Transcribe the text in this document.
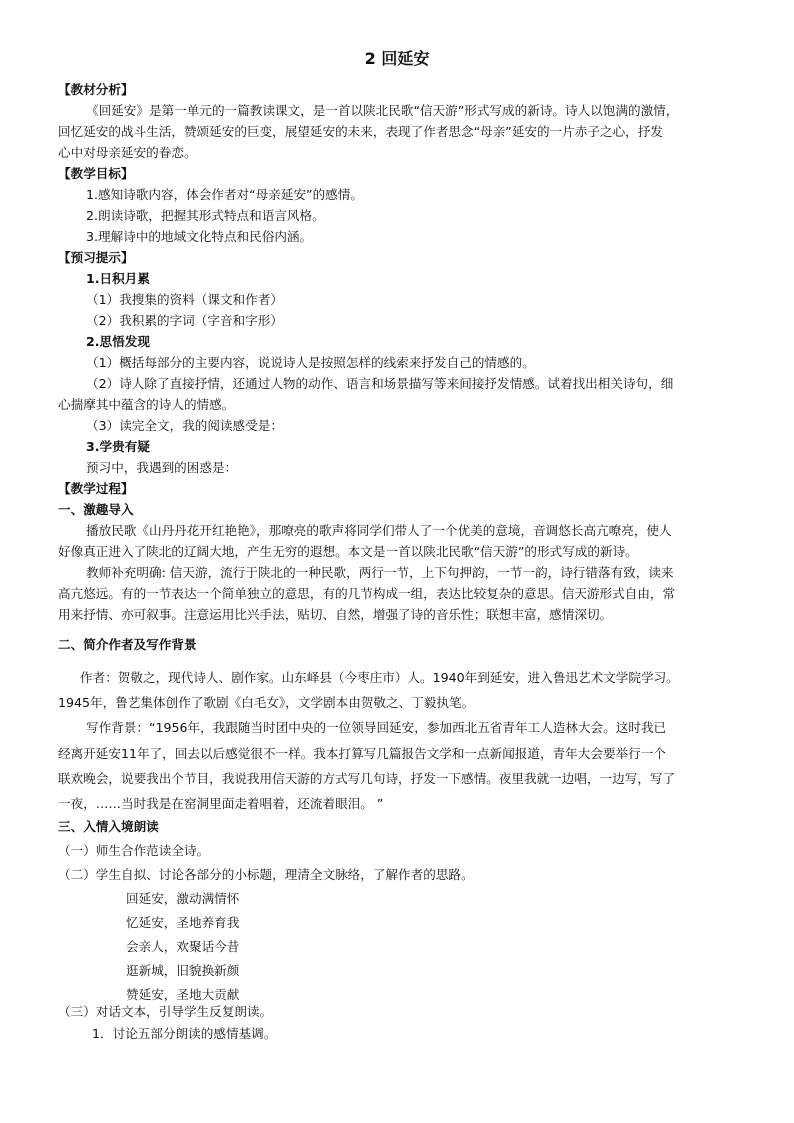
2 回延安
【教材分析】
《回延安》是第一单元的一篇教读课文，是一首以陕北民歌“信天游”形式写成的新诗。诗人以饱满的激情，
回忆延安的战斗生活，赞颂延安的巨变，展望延安的未来，表现了作者思念“母亲”延安的一片赤子之心，抒发
心中对母亲延安的眷恋。
【教学目标】
1.感知诗歌内容，体会作者对“母亲延安”的感情。
2.朗读诗歌，把握其形式特点和语言风格。
3.理解诗中的地域文化特点和民俗内涵。
【预习提示】
1.日积月累
（1）我搜集的资料（课文和作者）
（2）我积累的字词（字音和字形）
2.思悟发现
（1）概括每部分的主要内容，说说诗人是按照怎样的线索来抒发自己的情感的。
（2）诗人除了直接抒情，还通过人物的动作、语言和场景描写等来间接抒发情感。试着找出相关诗句，细
心揣摩其中蕴含的诗人的情感。
（3）读完全文，我的阅读感受是：
3.学贵有疑
预习中，我遇到的困惑是：
【教学过程】
一、激趣导入
播放民歌《山丹丹花开红艳艳》，那嘹亮的歌声将同学们带人了一个优美的意境，音调悠长高亢嘹亮，使人
好像真正进入了陕北的辽阔大地，产生无穷的遐想。本文是一首以陕北民歌“信天游”的形式写成的新诗。
教师补充明确: 信天游，流行于陕北的一种民歌，两行一节，上下句押韵，一节一韵，诗行错落有致，读来
高亢悠远。有的一节表达一个简单独立的意思，有的几节构成一组，表达比较复杂的意思。信天游形式自由，常
用来抒情、亦可叙事。注意运用比兴手法，贴切、自然，增强了诗的音乐性；联想丰富，感情深切。
二、简介作者及写作背景
作者：贺敬之，现代诗人、剧作家。山东峄县（今枣庄市）人。1940年到延安，进入鲁迅艺术文学院学习。
1945年，鲁艺集体创作了歌剧《白毛女》，文学剧本由贺敬之、丁毅执笔。
写作背景：“1956年，我跟随当时团中央的一位领导回延安，参加西北五省青年工人造林大会。这时我已
经离开延安11年了，回去以后感觉很不一样。我本打算写几篇报告文学和一点新闻报道，青年大会要举行一个
联欢晚会，说要我出个节目，我说我用信天游的方式写几句诗，抒发一下感情。夜里我就一边唱，一边写，写了
一夜，……当时我是在窑洞里面走着唱着，还流着眼泪。 ”
三、入情入境朗读
（一）师生合作范读全诗。
（二）学生自拟、讨论各部分的小标题，理清全文脉络，了解作者的思路。
回延安，激动满情怀
忆延安，圣地养育我
会亲人，欢聚话今昔
逛新城，旧貌换新颜
赞延安，圣地大贡献
（三）对话文本，引导学生反复朗读。
1．讨论五部分朗读的感情基调。
